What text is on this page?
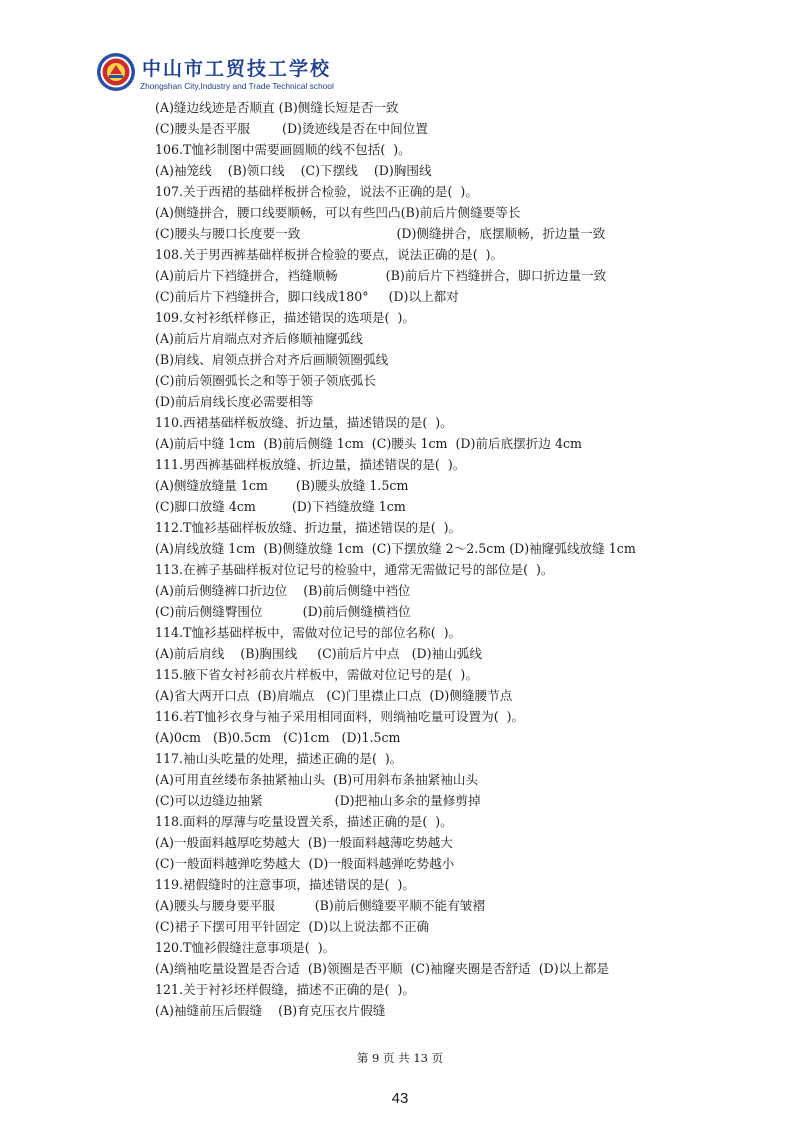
中山市工贸技工学校
Zhongshan City,Industry and Trade Technical school
(A)缝边线迹是否顺直 (B)侧缝长短是否一致
(C)腰头是否平服        (D)烫迹线是否在中间位置
106.T恤衫制图中需要画圆顺的线不包括(  )。
(A)袖笼线    (B)领口线    (C)下摆线    (D)胸围线
107.关于西裙的基础样板拼合检验，说法不正确的是(  )。
(A)侧缝拼合，腰口线要顺畅，可以有些凹凸(B)前后片侧缝要等长
(C)腰头与腰口长度要一致                        (D)侧缝拼合，底摆顺畅，折边量一致
108.关于男西裤基础样板拼合检验的要点，说法正确的是(  )。
(A)前后片下裆缝拼合，裆缝顺畅            (B)前后片下裆缝拼合，脚口折边量一致
(C)前后片下裆缝拼合，脚口线成180°     (D)以上都对
109.女衬衫纸样修正，描述错误的选项是(  )。
(A)前后片肩端点对齐后修顺袖窿弧线
(B)肩线、肩领点拼合对齐后画顺领圈弧线
(C)前后领圈弧长之和等于领子领底弧长
(D)前后肩线长度必需要相等
110.西裙基础样板放缝、折边量，描述错误的是(  )。
(A)前后中缝 1cm  (B)前后侧缝 1cm  (C)腰头 1cm  (D)前后底摆折边 4cm
111.男西裤基础样板放缝、折边量，描述错误的是(  )。
(A)侧缝放缝量 1cm       (B)腰头放缝 1.5cm
(C)脚口放缝 4cm         (D)下裆缝放缝 1cm
112.T恤衫基础样板放缝、折边量，描述错误的是(  )。
(A)肩线放缝 1cm  (B)侧缝放缝 1cm  (C)下摆放缝 2～2.5cm (D)袖窿弧线放缝 1cm
113.在裤子基础样板对位记号的检验中，通常无需做记号的部位是(  )。
(A)前后侧缝裤口折边位    (B)前后侧缝中裆位
(C)前后侧缝臀围位          (D)前后侧缝横裆位
114.T恤衫基础样板中，需做对位记号的部位名称(  )。
(A)前后肩线    (B)胸围线     (C)前后片中点   (D)袖山弧线
115.腋下省女衬衫前衣片样板中，需做对位记号的是(  )。
(A)省大两开口点  (B)肩端点   (C)门里襟止口点  (D)侧缝腰节点
116.若T恤衫衣身与袖子采用相同面料，则绱袖吃量可设置为(  )。
(A)0cm   (B)0.5cm   (C)1cm   (D)1.5cm
117.袖山头吃量的处理，描述正确的是(  )。
(A)可用直丝缕布条抽紧袖山头  (B)可用斜布条抽紧袖山头
(C)可以边缝边抽紧                  (D)把袖山多余的量修剪掉
118.面料的厚薄与吃量设置关系，描述正确的是(  )。
(A)一般面料越厚吃势越大  (B)一般面料越薄吃势越大
(C)一般面料越弹吃势越大  (D)一般面料越弹吃势越小
119.裙假缝时的注意事项，描述错误的是(  )。
(A)腰头与腰身要平服          (B)前后侧缝要平顺不能有皱褶
(C)裙子下摆可用平针固定  (D)以上说法都不正确
120.T恤衫假缝注意事项是(  )。
(A)绱袖吃量设置是否合适  (B)领圈是否平顺  (C)袖窿夹圈是否舒适  (D)以上都是
121.关于衬衫坯样假缝，描述不正确的是(  )。
(A)袖缝前压后假缝    (B)育克压衣片假缝
第 9 页 共 13 页
43
